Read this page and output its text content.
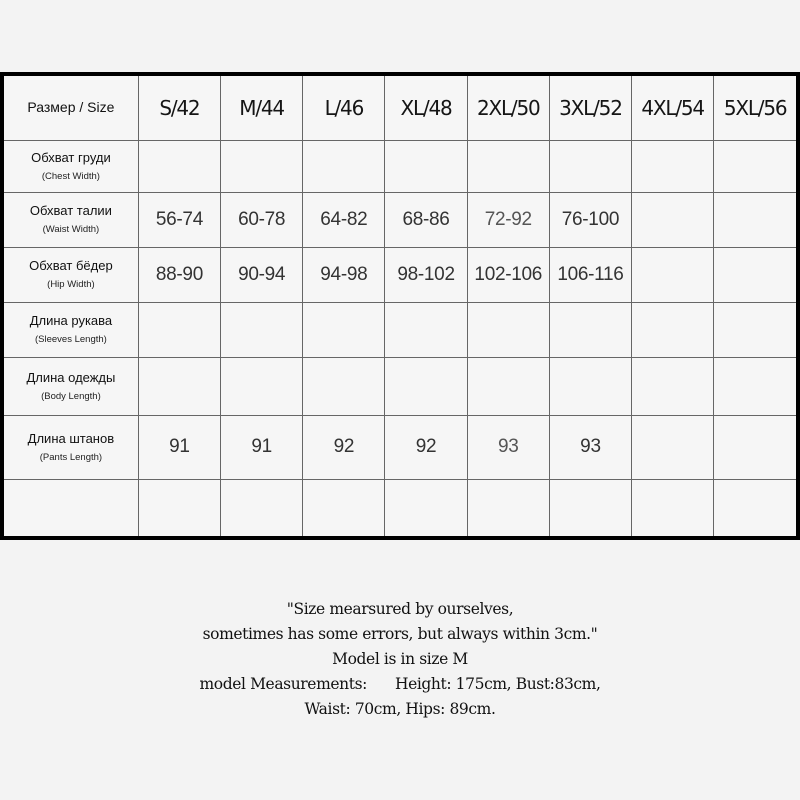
Размер / Size	S/42	M/44	L/46	XL/48	2XL/50	3XL/52	4XL/54	5XL/56

Обхват груди
(Chest Width)								

Обхват талии
(Waist Width)	56-74	60-78	64-82	68-86	72-92	76-100		

Обхват бёдер
(Hip Width)	88-90	90-94	94-98	98-102	102-106	106-116		

Длина рукава
(Sleeves Length)								

Длина одежды
(Body Length)								

Длина штанов
(Pants Length)	91	91	92	92	93	93		

"Size mearsured by ourselves,
sometimes has some errors, but always within 3cm."
Model is in size M
model Measurements: Height: 175cm, Bust:83cm,
Waist: 70cm, Hips: 89cm.
